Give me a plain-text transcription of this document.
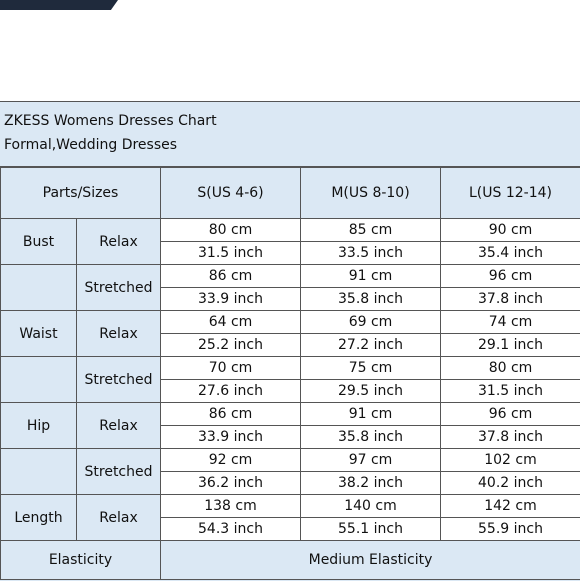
ZKESS Womens Dresses Chart
Formal,Wedding Dresses
Parts/Sizes		S(US 4-6)	M(US 8-10)	L(US 12-14)
Bust	Relax	80 cm	85 cm	90 cm
		31.5 inch	33.5 inch	35.4 inch
	Stretched	86 cm	91 cm	96 cm
		33.9 inch	35.8 inch	37.8 inch
Waist	Relax	64 cm	69 cm	74 cm
		25.2 inch	27.2 inch	29.1 inch
	Stretched	70 cm	75 cm	80 cm
		27.6 inch	29.5 inch	31.5 inch
Hip	Relax	86 cm	91 cm	96 cm
		33.9 inch	35.8 inch	37.8 inch
	Stretched	92 cm	97 cm	102 cm
		36.2 inch	38.2 inch	40.2 inch
Length	Relax	138 cm	140 cm	142 cm
		54.3 inch	55.1 inch	55.9 inch
Elasticity		Medium Elasticity		
